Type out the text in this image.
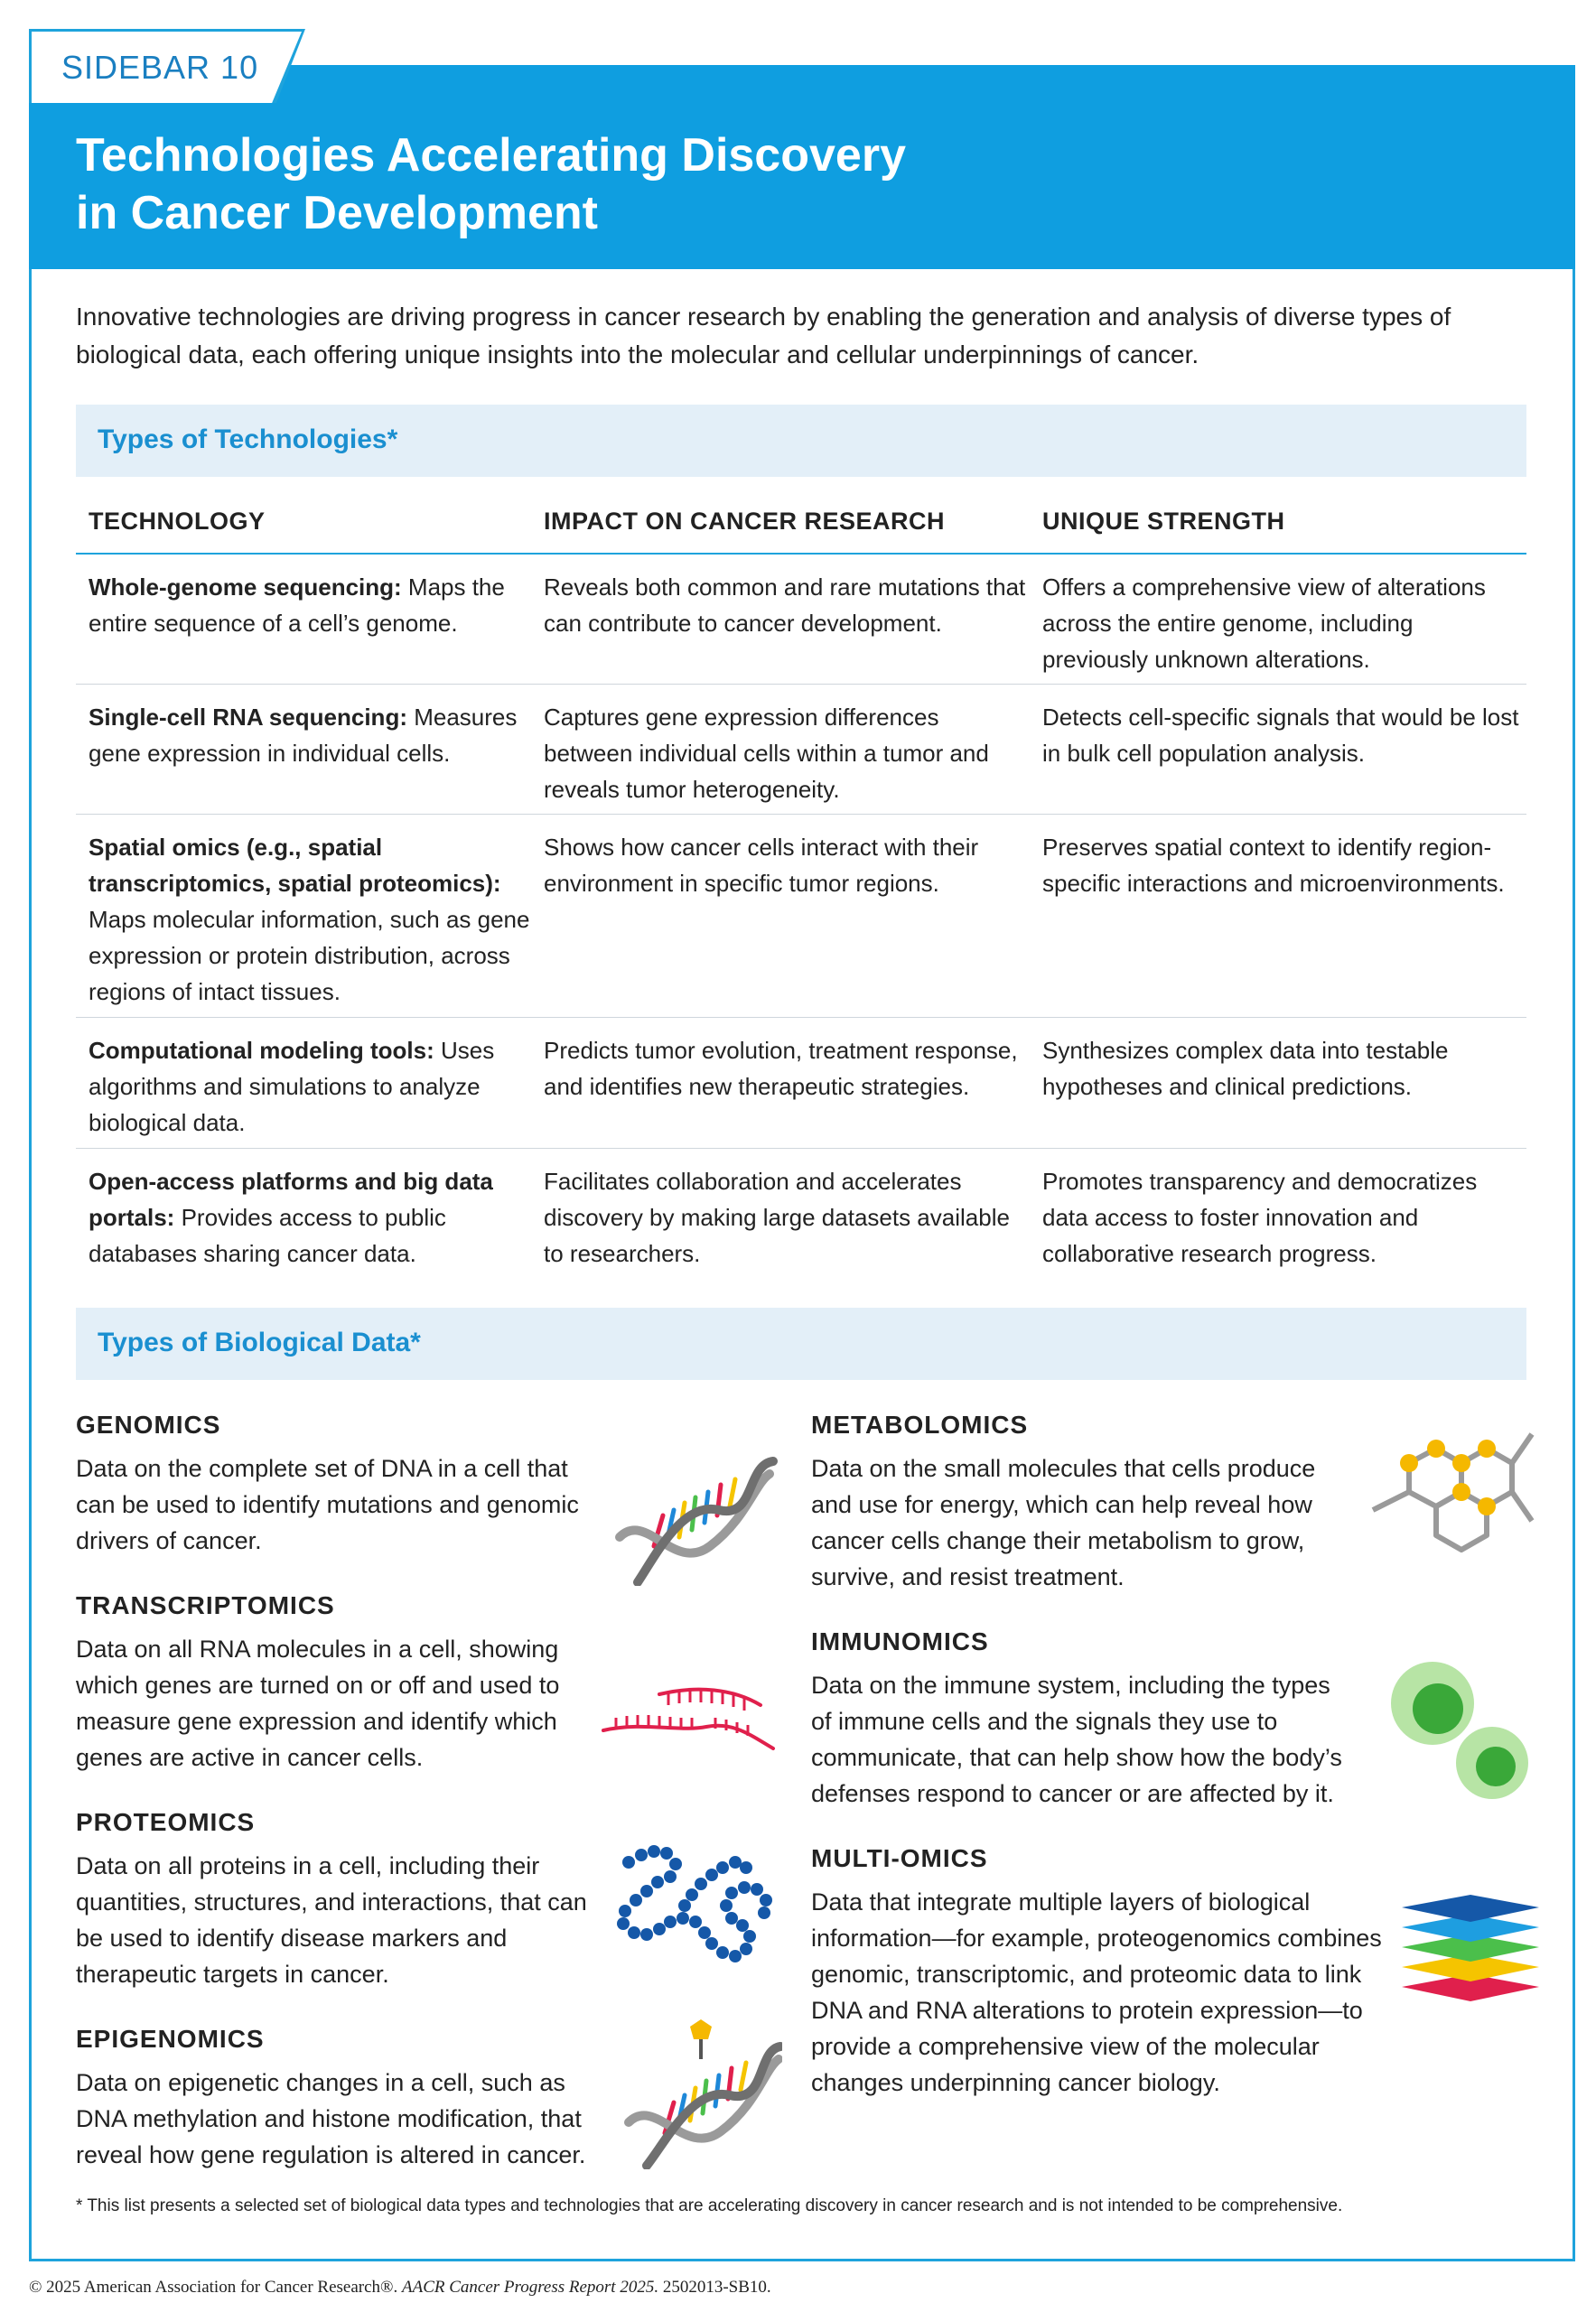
SIDEBAR 10
Technologies Accelerating Discovery
in Cancer Development
Innovative technologies are driving progress in cancer research by enabling the generation and analysis of diverse types of biological data, each offering unique insights into the molecular and cellular underpinnings of cancer.
Types of Technologies*
TECHNOLOGY	IMPACT ON CANCER RESEARCH	UNIQUE STRENGTH
Whole-genome sequencing: Maps the entire sequence of a cell’s genome.
Reveals both common and rare mutations that can contribute to cancer development.
Offers a comprehensive view of alterations across the entire genome, including previously unknown alterations.
Single-cell RNA sequencing: Measures gene expression in individual cells.
Captures gene expression differences between individual cells within a tumor and reveals tumor heterogeneity.
Detects cell-specific signals that would be lost in bulk cell population analysis.
Spatial omics (e.g., spatial transcriptomics, spatial proteomics): Maps molecular information, such as gene expression or protein distribution, across regions of intact tissues.
Shows how cancer cells interact with their environment in specific tumor regions.
Preserves spatial context to identify region-specific interactions and microenvironments.
Computational modeling tools: Uses algorithms and simulations to analyze biological data.
Predicts tumor evolution, treatment response, and identifies new therapeutic strategies.
Synthesizes complex data into testable hypotheses and clinical predictions.
Open-access platforms and big data portals: Provides access to public databases sharing cancer data.
Facilitates collaboration and accelerates discovery by making large datasets available to researchers.
Promotes transparency and democratizes data access to foster innovation and collaborative research progress.
Types of Biological Data*
GENOMICS
Data on the complete set of DNA in a cell that can be used to identify mutations and genomic drivers of cancer.
TRANSCRIPTOMICS
Data on all RNA molecules in a cell, showing which genes are turned on or off and used to measure gene expression and identify which genes are active in cancer cells.
PROTEOMICS
Data on all proteins in a cell, including their quantities, structures, and interactions, that can be used to identify disease markers and therapeutic targets in cancer.
EPIGENOMICS
Data on epigenetic changes in a cell, such as DNA methylation and histone modification, that reveal how gene regulation is altered in cancer.
METABOLOMICS
Data on the small molecules that cells produce and use for energy, which can help reveal how cancer cells change their metabolism to grow, survive, and resist treatment.
IMMUNOMICS
Data on the immune system, including the types of immune cells and the signals they use to communicate, that can help show how the body’s defenses respond to cancer or are affected by it.
MULTI-OMICS
Data that integrate multiple layers of biological information—for example, proteogenomics combines genomic, transcriptomic, and proteomic data to link DNA and RNA alterations to protein expression—to provide a comprehensive view of the molecular changes underpinning cancer biology.
* This list presents a selected set of biological data types and technologies that are accelerating discovery in cancer research and is not intended to be comprehensive.
© 2025 American Association for Cancer Research®. AACR Cancer Progress Report 2025. 2502013-SB10.
